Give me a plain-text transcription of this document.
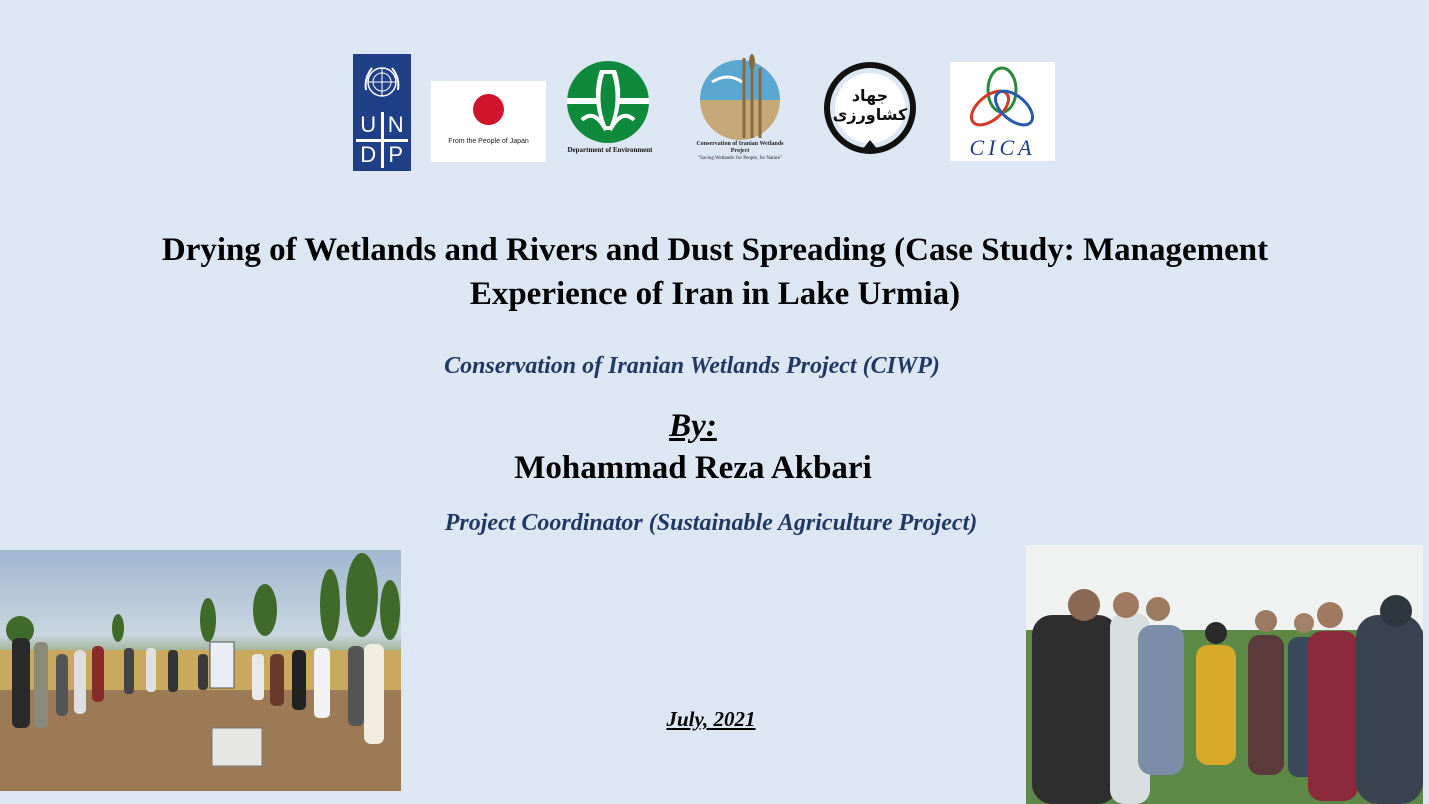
U N
D P
From the People of Japan
Department of Environment
Conservation of Iranian Wetlands Project
"Saving Wetlands: for People, for Nature"
جهاد کشاورزی
CICA
Drying of Wetlands and Rivers and Dust Spreading (Case Study: Management
Experience of Iran in Lake Urmia)
Conservation of Iranian Wetlands Project (CIWP)
By:
Mohammad Reza Akbari
Project Coordinator (Sustainable Agriculture Project)
July, 2021
